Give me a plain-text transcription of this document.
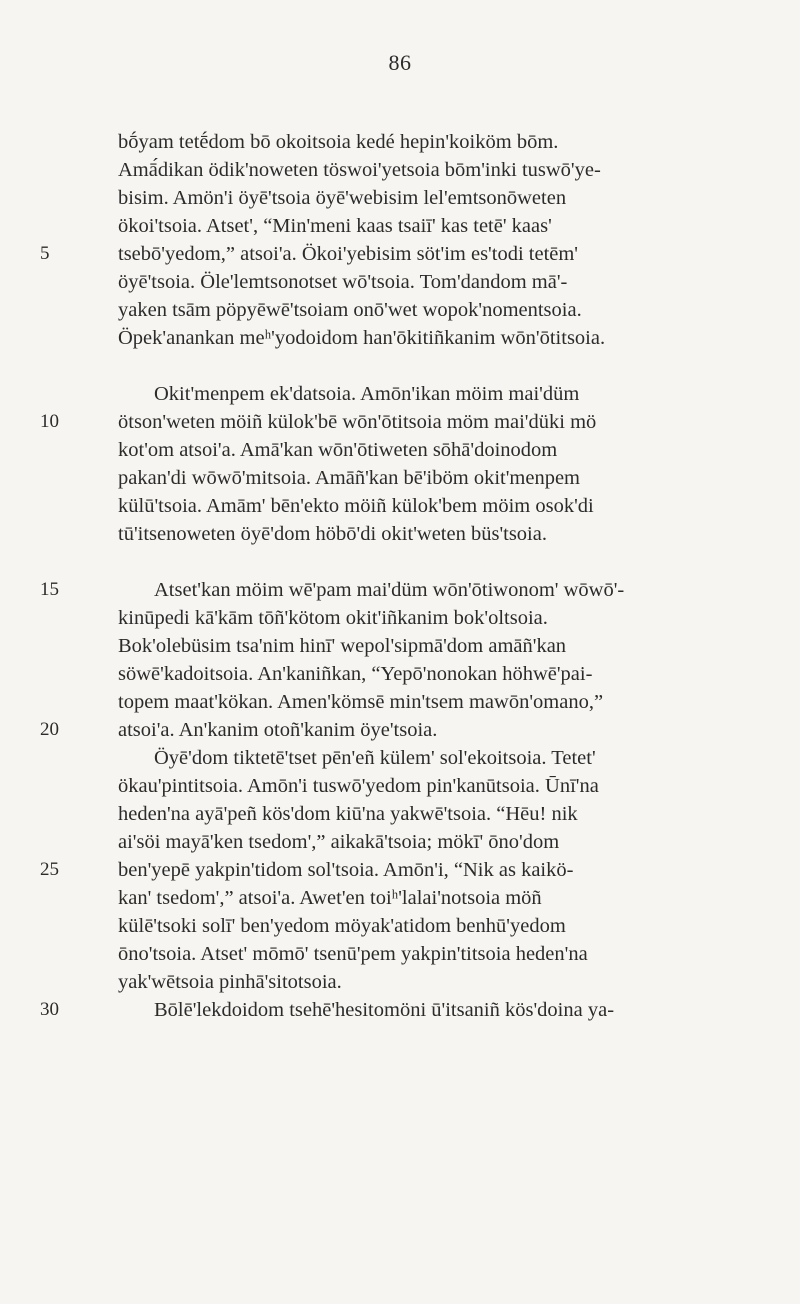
86
bṓyam tetḗdom bō okoitsoia kedé hepin'koiköm bōm.
Amā́dikan ödik'noweten töswoi'yetsoia bōm'inki tuswō'ye-
bisim. Amön'i öyē'tsoia öyē'webisim lel'emtsonōweten
ökoi'tsoia. Atset', “Min'meni kaas tsaiī' kas tetē' kaas'
5	tsebō'yedom,” atsoi'a. Ökoi'yebisim söt'im es'todi tetēm'
öyē'tsoia. Öle'lemtsonotset wō'tsoia. Tom'dandom mā'-
yaken tsām pöpyēwē'tsoiam onō'wet wopok'nomentsoia.
Öpek'anankan meʰ'yodoidom han'ōkitiñkanim wōn'ōtitsoia.
Okit'menpem ek'datsoia. Amōn'ikan möim mai'düm
10	ötson'weten möiñ külok'bē wōn'ōtitsoia möm mai'düki mö
kot'om atsoi'a. Amā'kan wōn'ōtiweten sōhā'doinodom
pakan'di wōwō'mitsoia. Amāñ'kan bē'iböm okit'menpem
külū'tsoia. Amām' bēn'ekto möiñ külok'bem möim osok'di
tū'itsenoweten öyē'dom höbō'di okit'weten büs'tsoia.
15	Atset'kan möim wē'pam mai'düm wōn'ōtiwonom' wōwō'-
kinūpedi kā'kām tōñ'kötom okit'iñkanim bok'oltsoia.
Bok'olebüsim tsa'nim hinī' wepol'sipmā'dom amāñ'kan
söwē'kadoitsoia. An'kaniñkan, “Yepō'nonokan höhwē'pai-
topem maat'kökan. Amen'kömsē min'tsem mawōn'omano,”
20	atsoi'a. An'kanim otoñ'kanim öye'tsoia.
Öyē'dom tiktetē'tset pēn'eñ külem' sol'ekoitsoia. Tetet'
ökau'pintitsoia. Amōn'i tuswō'yedom pin'kanūtsoia. Ūnī'na
heden'na ayā'peñ kös'dom kiū'na yakwē'tsoia. “Hēu! nik
ai'söi mayā'ken tsedom',” aikakā'tsoia; mökī' ōno'dom
25	ben'yepē yakpin'tidom sol'tsoia. Amōn'i, “Nik as kaikö-
kan' tsedom',” atsoi'a. Awet'en toiʰ'lalai'notsoia möñ
külē'tsoki solī' ben'yedom möyak'atidom benhū'yedom
ōno'tsoia. Atset' mōmō' tsenū'pem yakpin'titsoia heden'na
yak'wētsoia pinhā'sitotsoia.
30	Bōlē'lekdoidom tsehē'hesitomöni ū'itsaniñ kös'doina ya-
